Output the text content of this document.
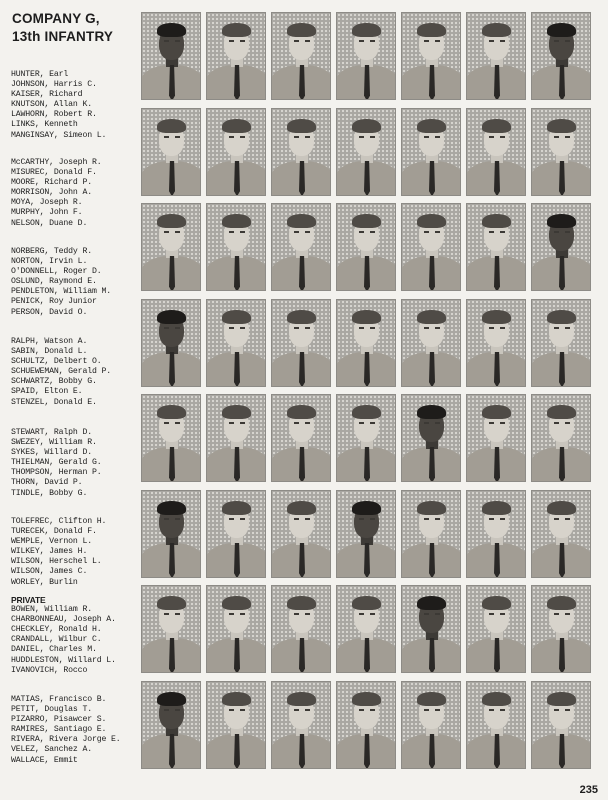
COMPANY G,
13th INFANTRY
HUNTER, Earl
JOHNSON, Harris C.
KAISER, Richard
KNUTSON, Allan K.
LAWHORN, Robert R.
LINKS, Kenneth
MANGINSAY, Simeon L.
McCARTHY, Joseph R.
MISUREC, Donald F.
MOORE, Richard P.
MORRISON, John A.
MOYA, Joseph R.
MURPHY, John F.
NELSON, Duane D.
NORBERG, Teddy R.
NORTON, Irvin L.
O'DONNELL, Roger D.
OSLUND, Raymond E.
PENDLETON, William M.
PENICK, Roy Junior
PERSON, David O.
RALPH, Watson A.
SABIN, Donald L.
SCHULTZ, Delbert O.
SCHUEWEMAN, Gerald P.
SCHWARTZ, Bobby G.
SPAID, Elton E.
STENZEL, Donald E.
STEWART, Ralph D.
SWEZEY, William R.
SYKES, Willard D.
THIELMAN, Gerald G.
THOMPSON, Herman P.
THORN, David P.
TINDLE, Bobby G.
TOLEFREC, Clifton H.
TURECEK, Donald F.
WEMPLE, Vernon L.
WILKEY, James H.
WILSON, Herschel L.
WILSON, James C.
WORLEY, Burlin
PRIVATE
BOWEN, William R.
CHARBONNEAU, Joseph A.
CHECKLEY, Ronald H.
CRANDALL, Wilbur C.
DANIEL, Charles M.
HUDDLESTON, Willard L.
IVANOVICH, Rocco
MATIAS, Francisco B.
PETIT, Douglas T.
PIZARRO, Pisawcer S.
RAMIRES, Santiago E.
RIVERA, Rivera Jorge E.
VELEZ, Sanchez A.
WALLACE, Emmit
235
